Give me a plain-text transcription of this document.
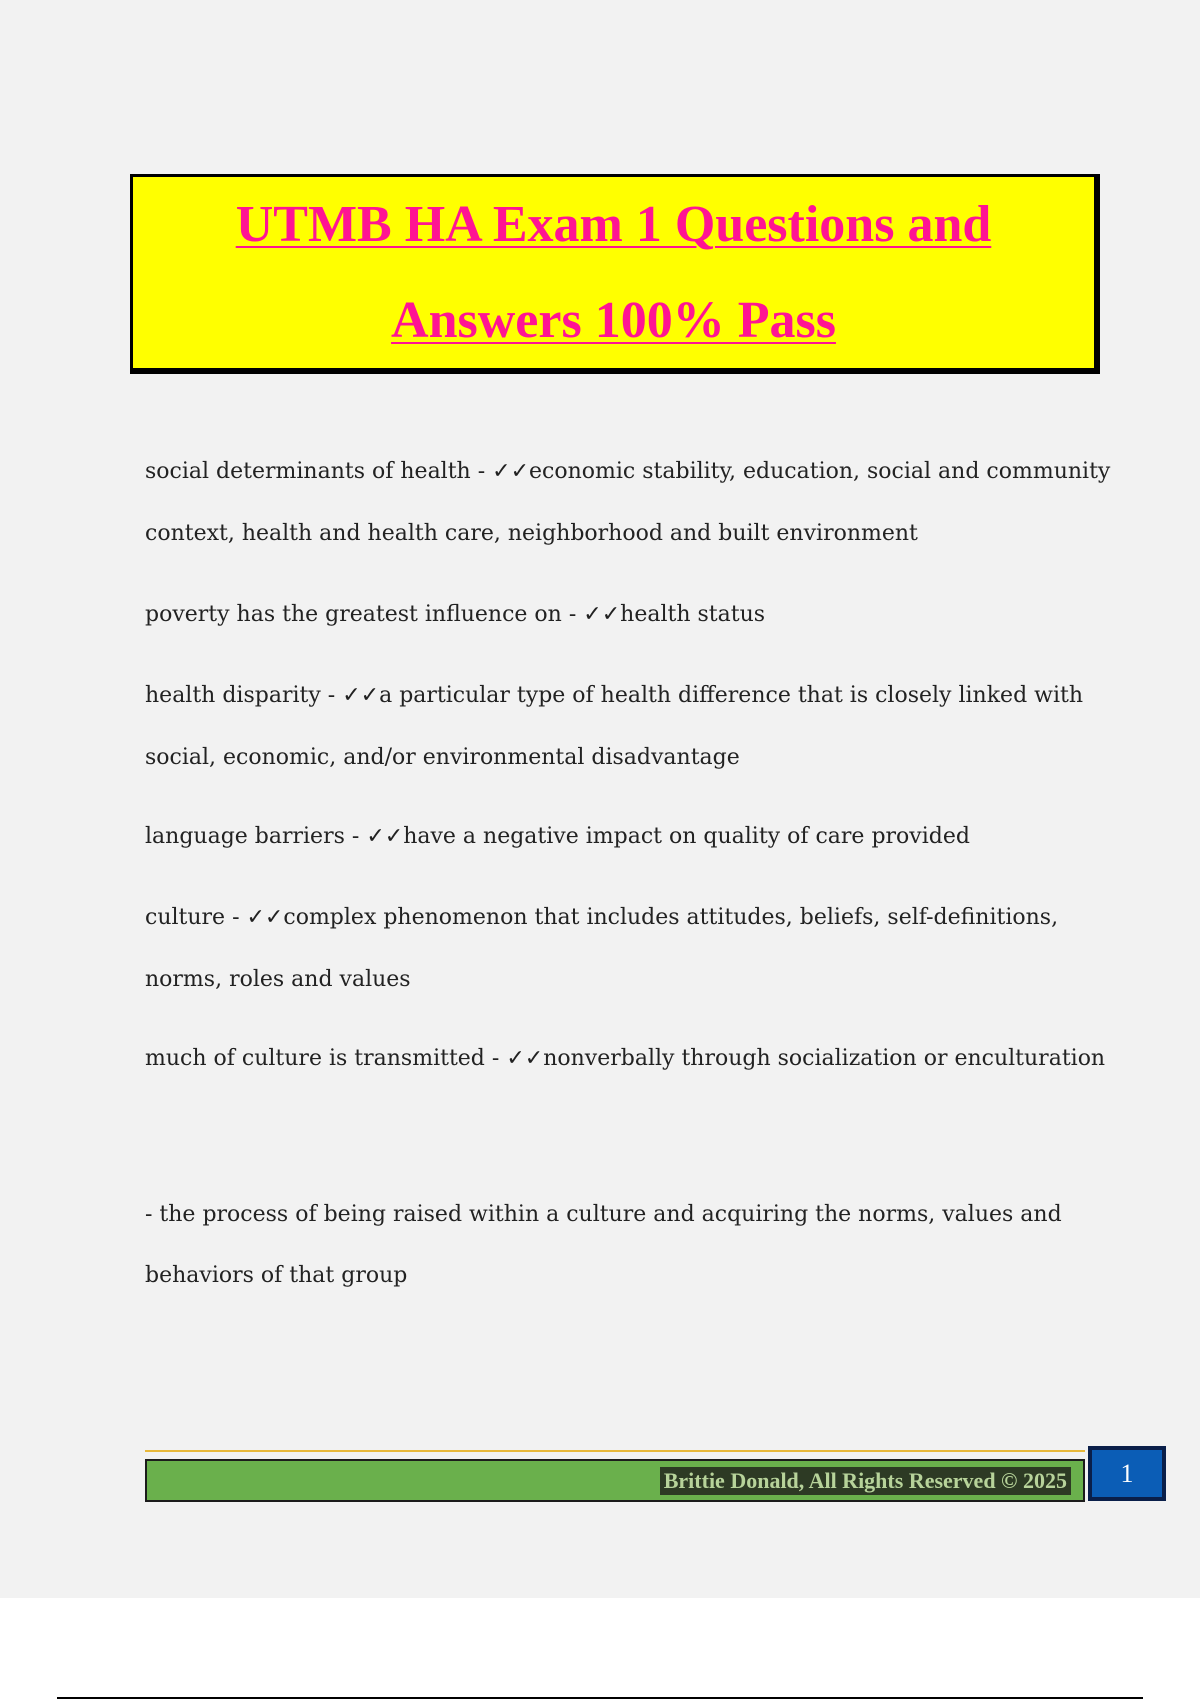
UTMB HA Exam 1 Questions and
Answers 100% Pass
social determinants of health - ✓✓economic stability, education, social and community
context, health and health care, neighborhood and built environment
poverty has the greatest influence on - ✓✓health status
health disparity - ✓✓a particular type of health difference that is closely linked with
social, economic, and/or environmental disadvantage
language barriers - ✓✓have a negative impact on quality of care provided
culture - ✓✓complex phenomenon that includes attitudes, beliefs, self-definitions,
norms, roles and values
much of culture is transmitted - ✓✓nonverbally through socialization or enculturation
- the process of being raised within a culture and acquiring the norms, values and
behaviors of that group
Brittie Donald, All Rights Reserved © 2025	1
